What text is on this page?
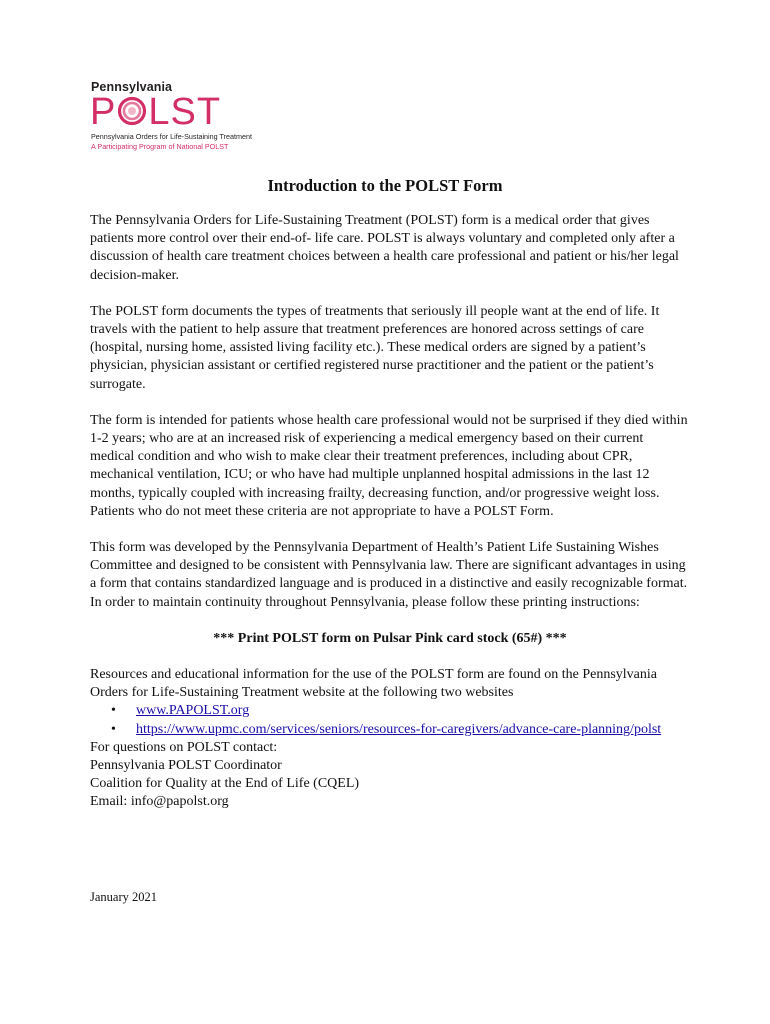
Pennsylvania
P LST
Pennsylvania Orders for Life-Sustaining Treatment
A Participating Program of National POLST
Introduction to the POLST Form

The Pennsylvania Orders for Life-Sustaining Treatment (POLST) form is a medical order that gives patients more control over their end-of- life care. POLST is always voluntary and completed only after a discussion of health care treatment choices between a health care professional and patient or his/her legal decision-maker.

The POLST form documents the types of treatments that seriously ill people want at the end of life. It travels with the patient to help assure that treatment preferences are honored across settings of care (hospital, nursing home, assisted living facility etc.). These medical orders are signed by a patient’s physician, physician assistant or certified registered nurse practitioner and the patient or the patient’s surrogate.

The form is intended for patients whose health care professional would not be surprised if they died within 1-2 years; who are at an increased risk of experiencing a medical emergency based on their current medical condition and who wish to make clear their treatment preferences, including about CPR, mechanical ventilation, ICU; or who have had multiple unplanned hospital admissions in the last 12 months, typically coupled with increasing frailty, decreasing function, and/or progressive weight loss. Patients who do not meet these criteria are not appropriate to have a POLST Form.

This form was developed by the Pennsylvania Department of Health’s Patient Life Sustaining Wishes Committee and designed to be consistent with Pennsylvania law. There are significant advantages in using a form that contains standardized language and is produced in a distinctive and easily recognizable format. In order to maintain continuity throughout Pennsylvania, please follow these printing instructions:

*** Print POLST form on Pulsar Pink card stock (65#) ***
Resources and educational information for the use of the POLST form are found on the Pennsylvania Orders for Life-Sustaining Treatment website at the following two websites
• www.PAPOLST.org
• https://www.upmc.com/services/seniors/resources-for-caregivers/advance-care-planning/polst
For questions on POLST contact:
Pennsylvania POLST Coordinator
Coalition for Quality at the End of Life (CQEL)
Email: info@papolst.org
January 2021
